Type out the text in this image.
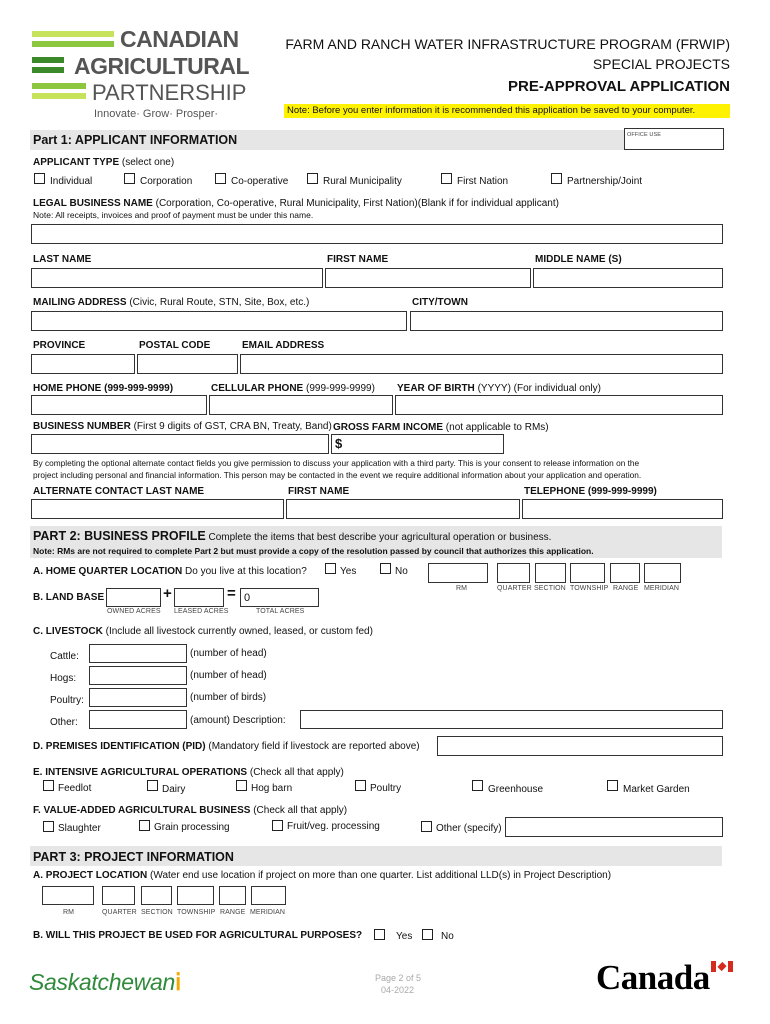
CANADIAN
AGRICULTURAL
PARTNERSHIP
Innovate· Grow· Prosper·
FARM AND RANCH WATER INFRASTRUCTURE PROGRAM (FRWIP)
SPECIAL PROJECTS
PRE-APPROVAL APPLICATION
Note: Before you enter information it is recommended this application be saved to your computer.
Part 1: APPLICANT INFORMATION	OFFICE USE
APPLICANT TYPE (select one)
Individual	Corporation	Co-operative	Rural Municipality	First Nation	Partnership/Joint
LEGAL BUSINESS NAME (Corporation, Co-operative, Rural Municipality, First Nation)(Blank if for individual applicant)
Note: All receipts, invoices and proof of payment must be under this name.
LAST NAME	FIRST NAME	MIDDLE NAME (S)
MAILING ADDRESS (Civic, Rural Route, STN, Site, Box, etc.)	CITY/TOWN
PROVINCE	POSTAL CODE	EMAIL ADDRESS
HOME PHONE (999-999-9999)	CELLULAR PHONE (999-999-9999) YEAR OF BIRTH (YYYY) (For individual only)
BUSINESS NUMBER (First 9 digits of GST, CRA BN, Treaty, Band) GROSS FARM INCOME (not applicable to RMs)
$
By completing the optional alternate contact fields you give permission to discuss your application with a third party. This is your consent to release information on the
project including personal and financial information. This person may be contacted in the event we require additional information about your application and operation.
ALTERNATE CONTACT LAST NAME	FIRST NAME	TELEPHONE (999-999-9999)
PART 2: BUSINESS PROFILE Complete the items that best describe your agricultural operation or business.
Note: RMs are not required to complete Part 2 but must provide a copy of the resolution passed by council that authorizes this application.
A. HOME QUARTER LOCATION Do you live at this location?	Yes	No
RM	QUARTER SECTION TOWNSHIP RANGE MERIDIAN
B. LAND BASE	+	= 0
OWNED ACRES LEASED ACRES	TOTAL ACRES
C. LIVESTOCK (Include all livestock currently owned, leased, or custom fed)
Cattle:	(number of head)
Hogs:	(number of head)
Poultry:	(number of birds)
Other:	(amount) Description:
D. PREMISES IDENTIFICATION (PID) (Mandatory field if livestock are reported above)
E. INTENSIVE AGRICULTURAL OPERATIONS (Check all that apply)
Feedlot	Dairy	Hog barn	Poultry	Greenhouse	Market Garden
F. VALUE-ADDED AGRICULTURAL BUSINESS (Check all that apply)
Slaughter	Grain processing	Fruit/veg. processing	Other (specify)
PART 3: PROJECT INFORMATION
A. PROJECT LOCATION (Water end use location if project on more than one quarter. List additional LLD(s) in Project Description)
RM	QUARTER SECTION TOWNSHIP RANGE MERIDIAN
B. WILL THIS PROJECT BE USED FOR AGRICULTURAL PURPOSES?	Yes	No
Saskatchewanⅰ	Page 2 of 5
04-2022	Canada
